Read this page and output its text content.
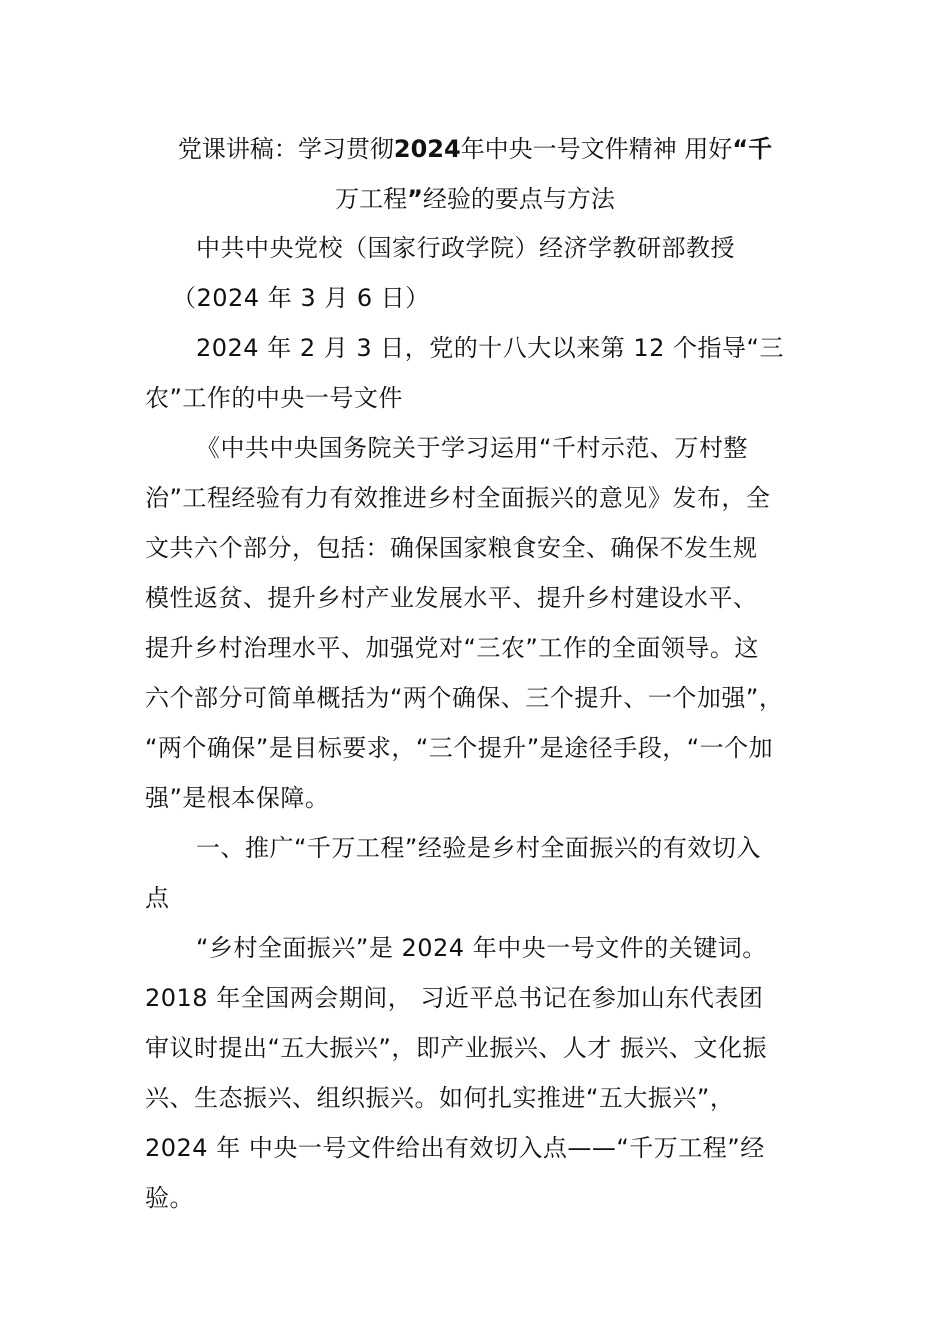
党课讲稿：学习贯彻2024年中央一号文件精神 用好“千
万工程”经验的要点与方法
中共中央党校（国家行政学院）经济学教研部教授
（2024 年 3 月 6 日）
2024 年 2 月 3 日，党的十八大以来第 12 个指导“三
农”工作的中央一号文件
《中共中央国务院关于学习运用“千村示范、万村整
治”工程经验有力有效推进乡村全面振兴的意见》发布，全
文共六个部分，包括：确保国家粮食安全、确保不发生规
模性返贫、提升乡村产业发展水平、提升乡村建设水平、
提升乡村治理水平、加强党对“三农”工作的全面领导。这
六个部分可简单概括为“两个确保、三个提升、一个加强”，
“两个确保”是目标要求，“三个提升”是途径手段，“一个加
强”是根本保障。
一、推广“千万工程”经验是乡村全面振兴的有效切入
点
“乡村全面振兴”是 2024 年中央一号文件的关键词。
2018 年全国两会期间， 习近平总书记在参加山东代表团
审议时提出“五大振兴”，即产业振兴、人才 振兴、文化振
兴、生态振兴、组织振兴。如何扎实推进“五大振兴”，
2024 年 中央一号文件给出有效切入点——“千万工程”经
验。
